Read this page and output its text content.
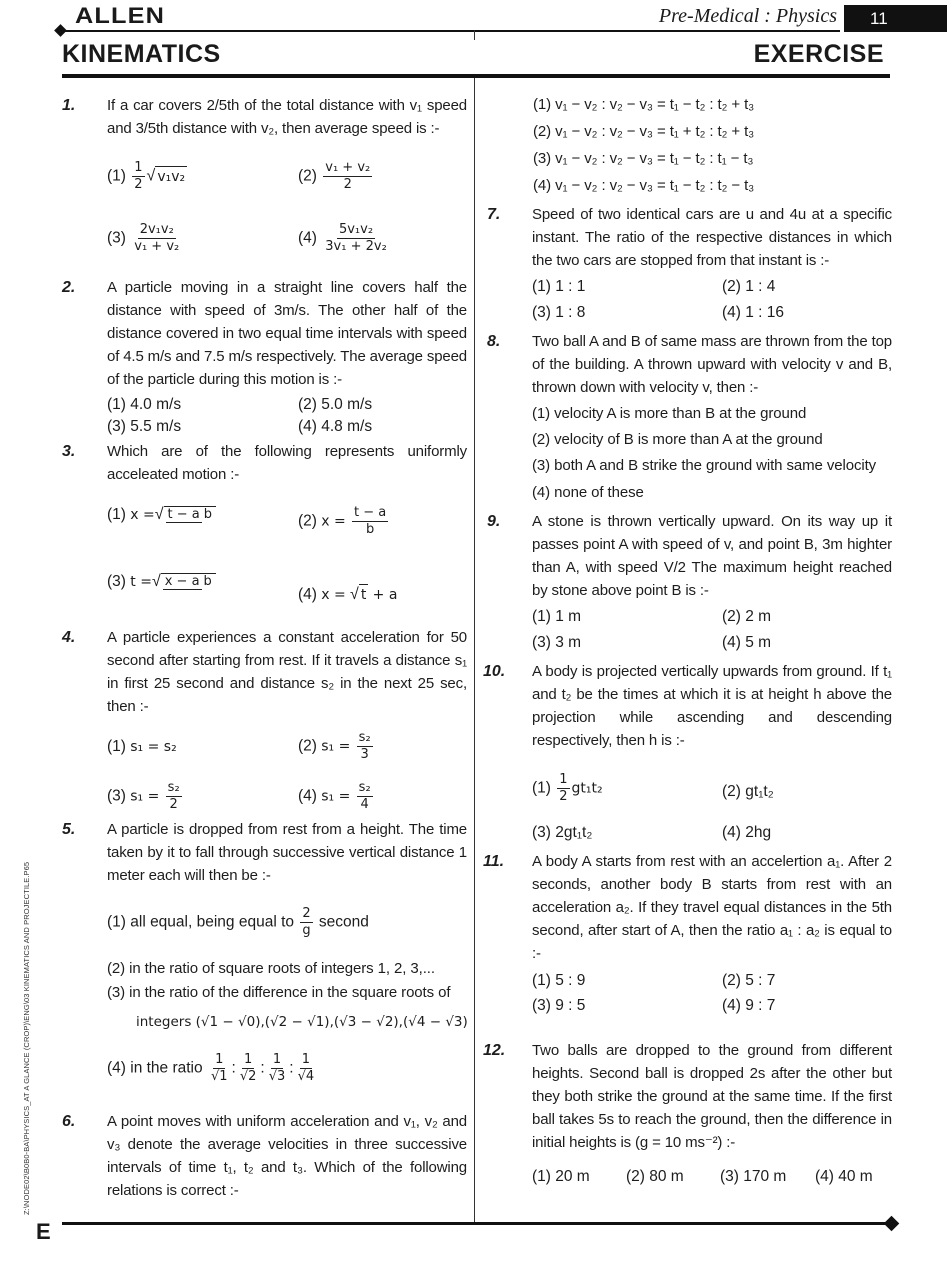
ALLEN	Pre-Medical : Physics	11
KINEMATICS	EXERCISE
1. If a car covers 2/5th of the total distance with v₁ speed and 3/5th distance with v₂, then average speed is :-
$(1) \frac{1}{2}$ √ v₁v₂	$(2) \frac{\text{v₁ + v₂}}{2}$
$(3) \frac{\text{2v₁v₂}}{\text{v₁ + v₂}}$	$(4) \frac{\text{5v₁v₂}}{\text{3v₁ + 2v₂}}$
2. A particle moving in a straight line covers half the distance with speed of 3m/s. The other half of the distance covered in two equal time intervals with speed of 4.5 m/s and 7.5 m/s respectively. The average speed of the particle during this motion is :-
(1) 4.0 m/s	(2) 5.0 m/s
(3) 5.5 m/s	(4) 4.8 m/s
3. Which are of the following represents uniformly acceleated motion :-
(1) x =√ t − a b	(2) $x = \frac{t - a}{b}$
(3) t =√ x − a b
(4) x = √ t + a
4. A particle experiences a constant acceleration for 50 second after starting from rest. If it travels a distance s₁ in first 25 second and distance s₂ in the next 25 sec, then :-
(1) s₁ = s₂	(2) $s_1 = \frac{\text{s₂}}{3}$
(3) $s_1 = \frac{\text{s₂}}{2}$	(4) $s_1 = \frac{\text{s₂}}{4}$
5. A particle is dropped from rest from a height. The time taken by it to fall through successive vertical distance 1 meter each will then be :-
(1) all equal, being equal to $\frac{2}{g}$ second
(2) in the ratio of square roots of integers 1, 2, 3,...
(3) in the ratio of the difference in the square roots of
integers (√1 − √0),(√2 − √1),(√3 − √2),(√4 − √3)
(4) in the ratio $\frac{1}{√1}$ : $\frac{1}{√2}$ : $\frac{1}{√3}$ : $\frac{1}{√4}$
6. A point moves with uniform acceleration and v₁, v₂ and v₃ denote the average velocities in three successive intervals of time t₁, t₂ and t₃. Which of the following relations is correct :-
(1) v₁ − v₂ : v₂ − v₃ = t₁ − t₂ : t₂ + t₃
(2) v₁ − v₂ : v₂ − v₃ = t₁ + t₂ : t₂ + t₃
(3) v₁ − v₂ : v₂ − v₃ = t₁ − t₂ : t₁ − t₃
(4) v₁ − v₂ : v₂ − v₃ = t₁ − t₂ : t₂ − t₃
7. Speed of two identical cars are u and 4u at a specific instant. The ratio of the respective distances in which the two cars are stopped from that instant is :-
(1) 1 : 1	(2) 1 : 4
(3) 1 : 8	(4) 1 : 16
8. Two ball A and B of same mass are thrown from the top of the building. A thrown upward with velocity v and B, thrown down with velocity v, then :-
(1) velocity A is more than B at the ground
(2) velocity of B is more than A at the ground
(3) both A and B strike the ground with same velocity
(4) none of these
9. A stone is thrown vertically upward. On its way up it passes point A with speed of v, and point B, 3m highter than A, with speed V/2 The maximum height reached by stone above point B is :-
(1) 1 m	(2) 2 m
(3) 3 m	(4) 5 m
10. A body is projected vertically upwards from ground. If t₁ and t₂ be the times at which it is at height h above the projection while ascending and descending respectively, then h is :-
$(1) \frac{1}{2} gt_1t_2$	(2) gt₁t₂
(3) 2gt₁t₂	(4) 2hg
11. A body A starts from rest with an accelertion a₁. After 2 seconds, another body B starts from rest with an acceleration a₂. If they travel equal distances in the 5th second, after start of A, then the ratio a₁ : a₂ is equal to :-
(1) 5 : 9	(2) 5 : 7
(3) 9 : 5	(4) 9 : 7
12. Two balls are dropped to the ground from different heights. Second ball is dropped 2s after the other but they both strike the ground at the same time. If the first ball takes 5s to reach the ground, then the difference in initial heights is (g = 10 ms⁻²) :-
(1) 20 m (2) 80 m (3) 170 m (4) 40 m
Z:\NODE02\B0B0-BA\PHYSICS_AT A GLANCE (CROP)\ENG\03 KINEMATICS AND PROJECTILE.P65
E
